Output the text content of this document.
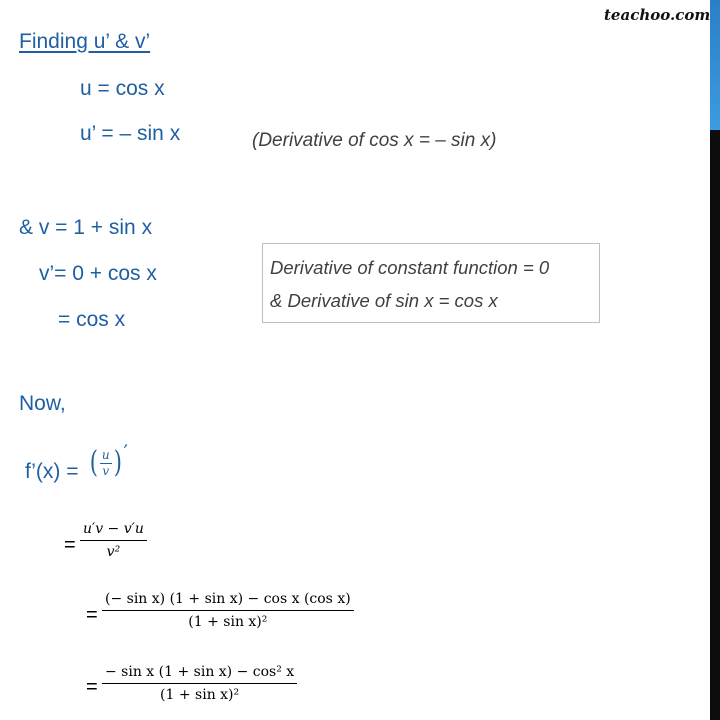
teachoo.com
Finding u’ & v’
u = cos x
u’ = – sin x	(Derivative of cos x = – sin x)
& v = 1 + sin x
v’= 0 + cos x
= cos x
Derivative of constant function = 0
& Derivative of sin x = cos x
Now,
f’(x) = ( $\frac{u}{v}$ ) ′
=
u′v − v′u
v²
=
(− sin x) (1 + sin x) − cos x (cos x)
(1 + sin x)²
=
− sin x (1 + sin x) − cos² x
(1 + sin x)²
